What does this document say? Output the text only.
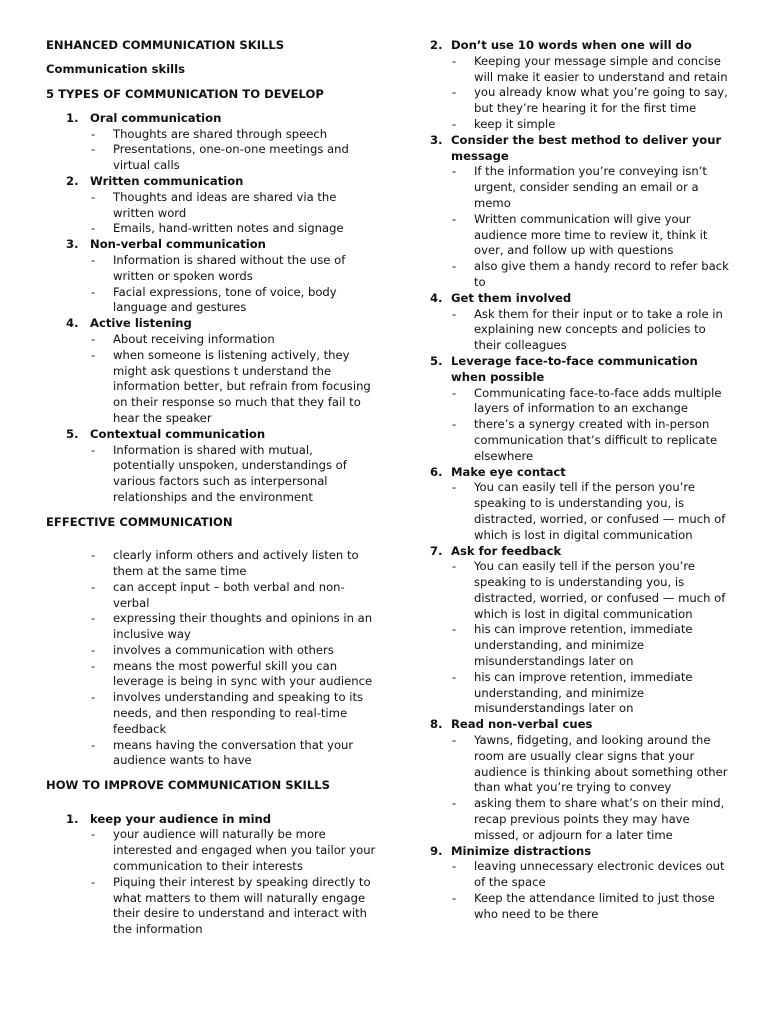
ENHANCED COMMUNICATION SKILLS
Communication skills
5 TYPES OF COMMUNICATION TO DEVELOP
1. Oral communication
- Thoughts are shared through speech
- Presentations, one-on-one meetings and virtual calls
2. Written communication
- Thoughts and ideas are shared via the written word
- Emails, hand-written notes and signage
3. Non-verbal communication
- Information is shared without the use of written or spoken words
- Facial expressions, tone of voice, body language and gestures
4. Active listening
- About receiving information
- when someone is listening actively, they might ask questions t understand the information better, but refrain from focusing on their response so much that they fail to hear the speaker
5. Contextual communication
- Information is shared with mutual, potentially unspoken, understandings of various factors such as interpersonal relationships and the environment
EFFECTIVE COMMUNICATION
- clearly inform others and actively listen to them at the same time
- can accept input – both verbal and non-verbal
- expressing their thoughts and opinions in an inclusive way
- involves a communication with others
- means the most powerful skill you can leverage is being in sync with your audience
- involves understanding and speaking to its needs, and then responding to real-time feedback
- means having the conversation that your audience wants to have
HOW TO IMPROVE COMMUNICATION SKILLS
1. keep your audience in mind
- your audience will naturally be more interested and engaged when you tailor your communication to their interests
- Piquing their interest by speaking directly to what matters to them will naturally engage their desire to understand and interact with the information
2. Don’t use 10 words when one will do
- Keeping your message simple and concise will make it easier to understand and retain
- you already know what you’re going to say, but they’re hearing it for the first time
- keep it simple
3. Consider the best method to deliver your message
- If the information you’re conveying isn’t urgent, consider sending an email or a memo
- Written communication will give your audience more time to review it, think it over, and follow up with questions
- also give them a handy record to refer back to
4. Get them involved
- Ask them for their input or to take a role in explaining new concepts and policies to their colleagues
5. Leverage face-to-face communication when possible
- Communicating face-to-face adds multiple layers of information to an exchange
- there’s a synergy created with in-person communication that’s difficult to replicate elsewhere
6. Make eye contact
- You can easily tell if the person you’re speaking to is understanding you, is distracted, worried, or confused — much of which is lost in digital communication
7. Ask for feedback
- You can easily tell if the person you’re speaking to is understanding you, is distracted, worried, or confused — much of which is lost in digital communication
- his can improve retention, immediate understanding, and minimize misunderstandings later on
- his can improve retention, immediate understanding, and minimize misunderstandings later on
8. Read non-verbal cues
- Yawns, fidgeting, and looking around the room are usually clear signs that your audience is thinking about something other than what you’re trying to convey
- asking them to share what’s on their mind, recap previous points they may have missed, or adjourn for a later time
9. Minimize distractions
- leaving unnecessary electronic devices out of the space
- Keep the attendance limited to just those who need to be there
